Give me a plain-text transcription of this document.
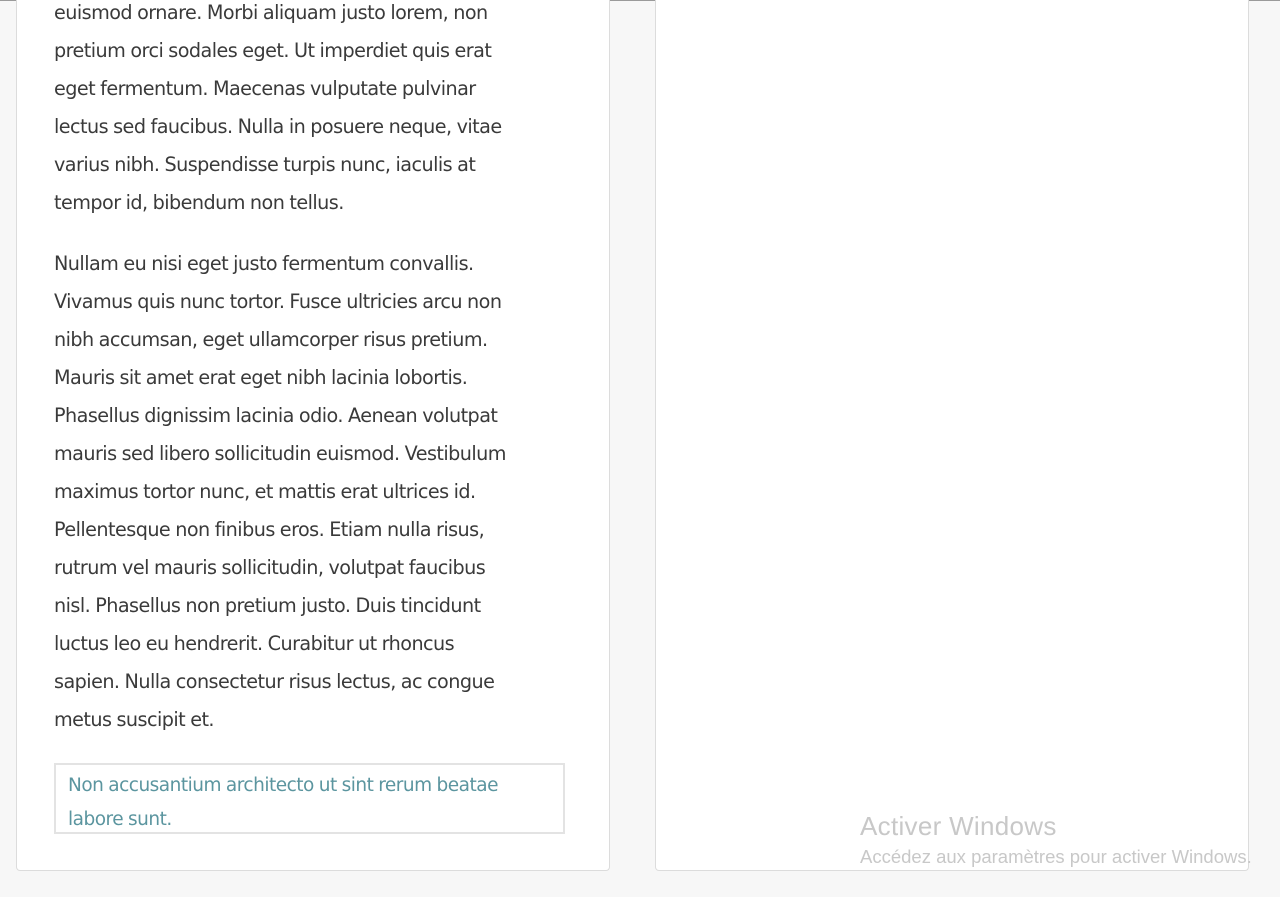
euismod ornare. Morbi aliquam justo lorem, non
pretium orci sodales eget. Ut imperdiet quis erat
eget fermentum. Maecenas vulputate pulvinar
lectus sed faucibus. Nulla in posuere neque, vitae
varius nibh. Suspendisse turpis nunc, iaculis at
tempor id, bibendum non tellus.

Nullam eu nisi eget justo fermentum convallis.
Vivamus quis nunc tortor. Fusce ultricies arcu non
nibh accumsan, eget ullamcorper risus pretium.
Mauris sit amet erat eget nibh lacinia lobortis.
Phasellus dignissim lacinia odio. Aenean volutpat
mauris sed libero sollicitudin euismod. Vestibulum
maximus tortor nunc, et mattis erat ultrices id.
Pellentesque non finibus eros. Etiam nulla risus,
rutrum vel mauris sollicitudin, volutpat faucibus
nisl. Phasellus non pretium justo. Duis tincidunt
luctus leo eu hendrerit. Curabitur ut rhoncus
sapien. Nulla consectetur risus lectus, ac congue
metus suscipit et.

Non accusantium architecto ut sint rerum beatae
labore sunt.	Activer Windows
Accédez aux paramètres pour activer Windows.
